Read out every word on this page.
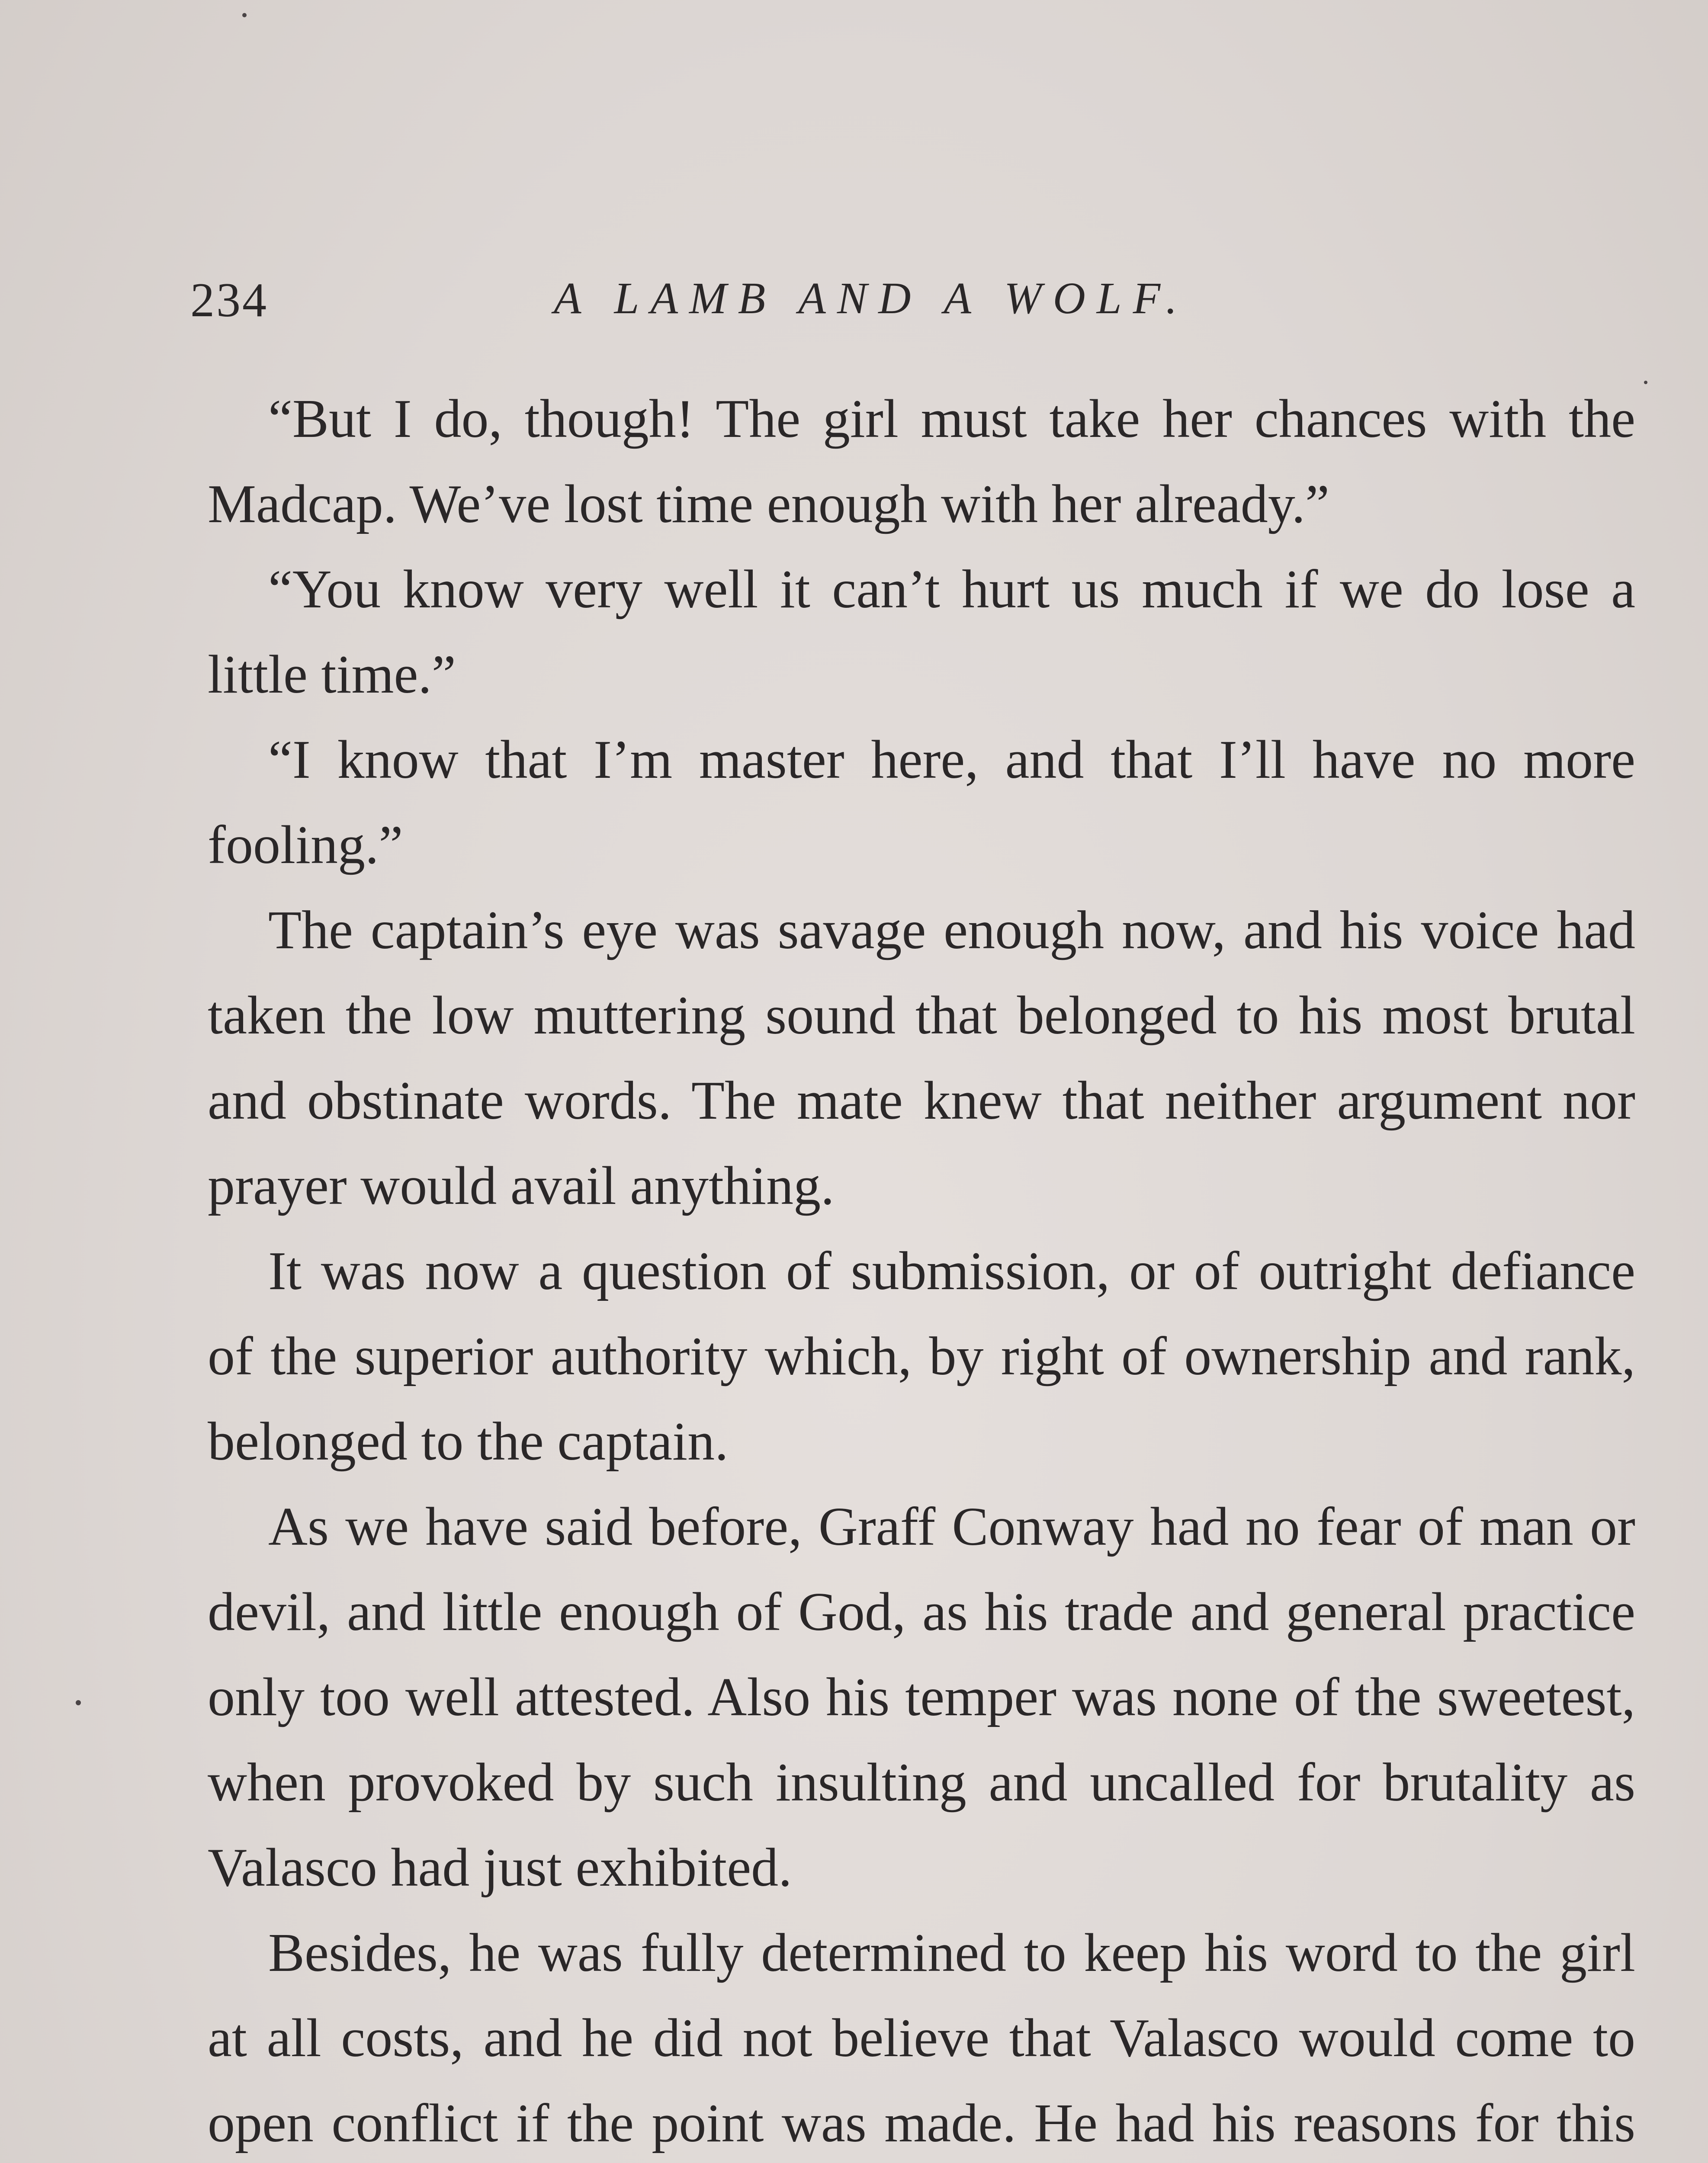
234	A LAMB AND A WOLF.

“But I do, though! The girl must take her chances with the Madcap. We’ve lost time enough with her already.”

“You know very well it can’t hurt us much if we do lose a little time.”

“I know that I’m master here, and that I’ll have no more fooling.”

The captain’s eye was savage enough now, and his voice had taken the low muttering sound that belonged to his most brutal and obstinate words. The mate knew that neither argument nor prayer would avail anything.

It was now a question of submission, or of outright defiance of the superior authority which, by right of ownership and rank, belonged to the captain.

As we have said before, Graff Conway had no fear of man or devil, and little enough of God, as his trade and general practice only too well attested. Also his temper was none of the sweetest, when provoked by such insulting and uncalled for brutality as Valasco had just exhibited.

Besides, he was fully determined to keep his word to the girl at all costs, and he did not believe that Valasco would come to open conflict if the point was made. He had his reasons for this
